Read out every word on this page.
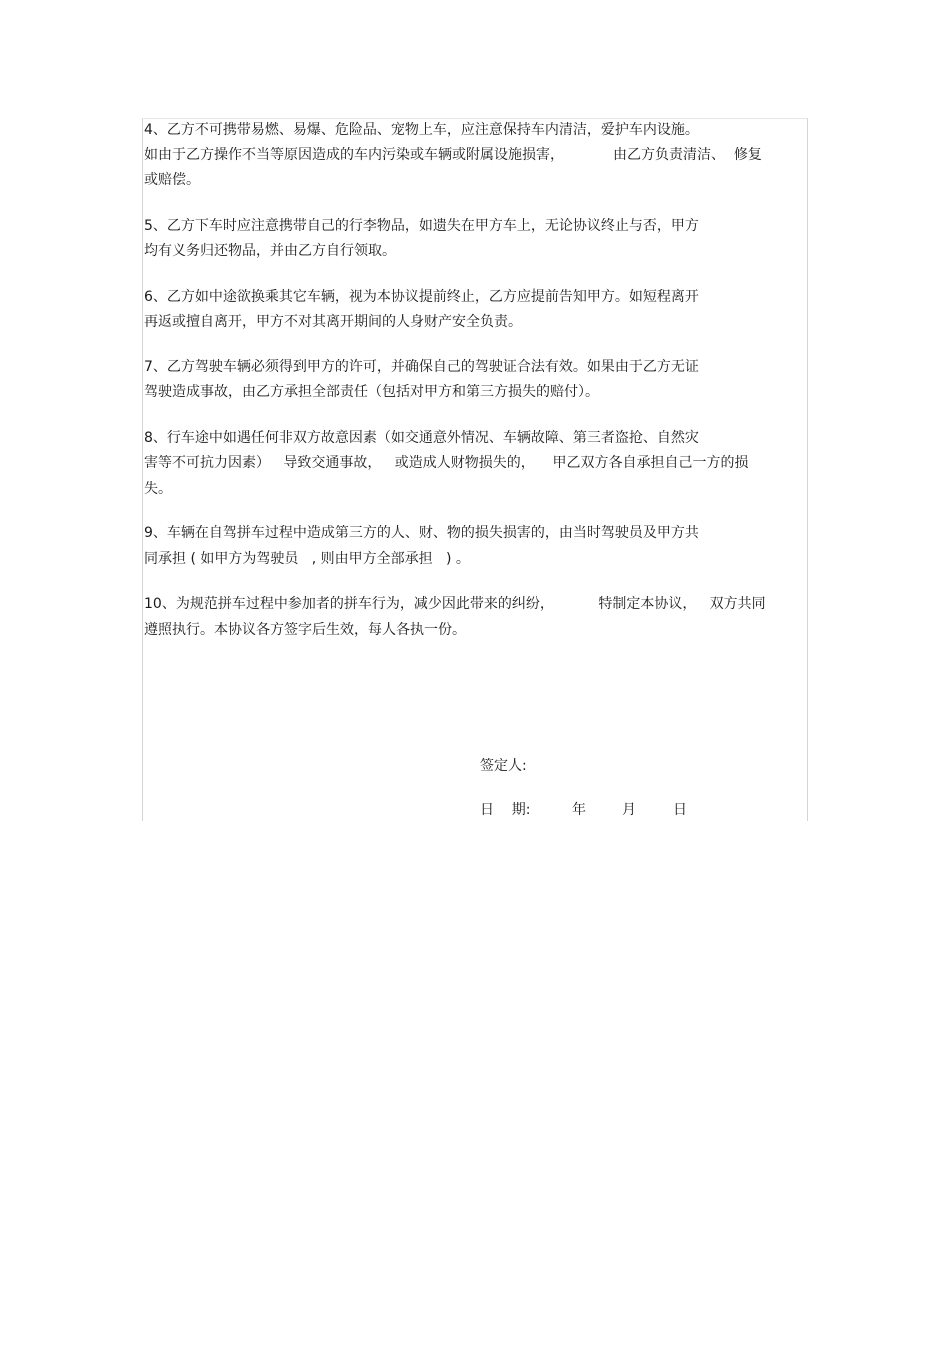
4、乙方不可携带易燃、易爆、危险品、宠物上车，应注意保持车内清洁，爱护车内设施。
如由于乙方操作不当等原因造成的车内污染或车辆或附属设施损害，           由乙方负责清洁、  修复
或赔偿。
5、乙方下车时应注意携带自己的行李物品，如遗失在甲方车上，无论协议终止与否，甲方
均有义务归还物品，并由乙方自行领取。
6、乙方如中途欲换乘其它车辆，视为本协议提前终止，乙方应提前告知甲方。如短程离开
再返或擅自离开，甲方不对其离开期间的人身财产安全负责。
7、乙方驾驶车辆必须得到甲方的许可，并确保自己的驾驶证合法有效。如果由于乙方无证
驾驶造成事故，由乙方承担全部责任（包括对甲方和第三方损失的赔付）。
8、行车途中如遇任何非双方故意因素（如交通意外情况、车辆故障、第三者盗抢、自然灾
害等不可抗力因素）   导致交通事故，   或造成人财物损失的，    甲乙双方各自承担自己一方的损
失。
9、车辆在自驾拼车过程中造成第三方的人、财、物的损失损害的，由当时驾驶员及甲方共
同承担 ( 如甲方为驾驶员   , 则由甲方全部承担   ) 。
10、为规范拼车过程中参加者的拼车行为，减少因此带来的纠纷，          特制定本协议，   双方共同
遵照执行。本协议各方签字后生效，每人各执一份。
签定人:
日    期:	年	月	日
